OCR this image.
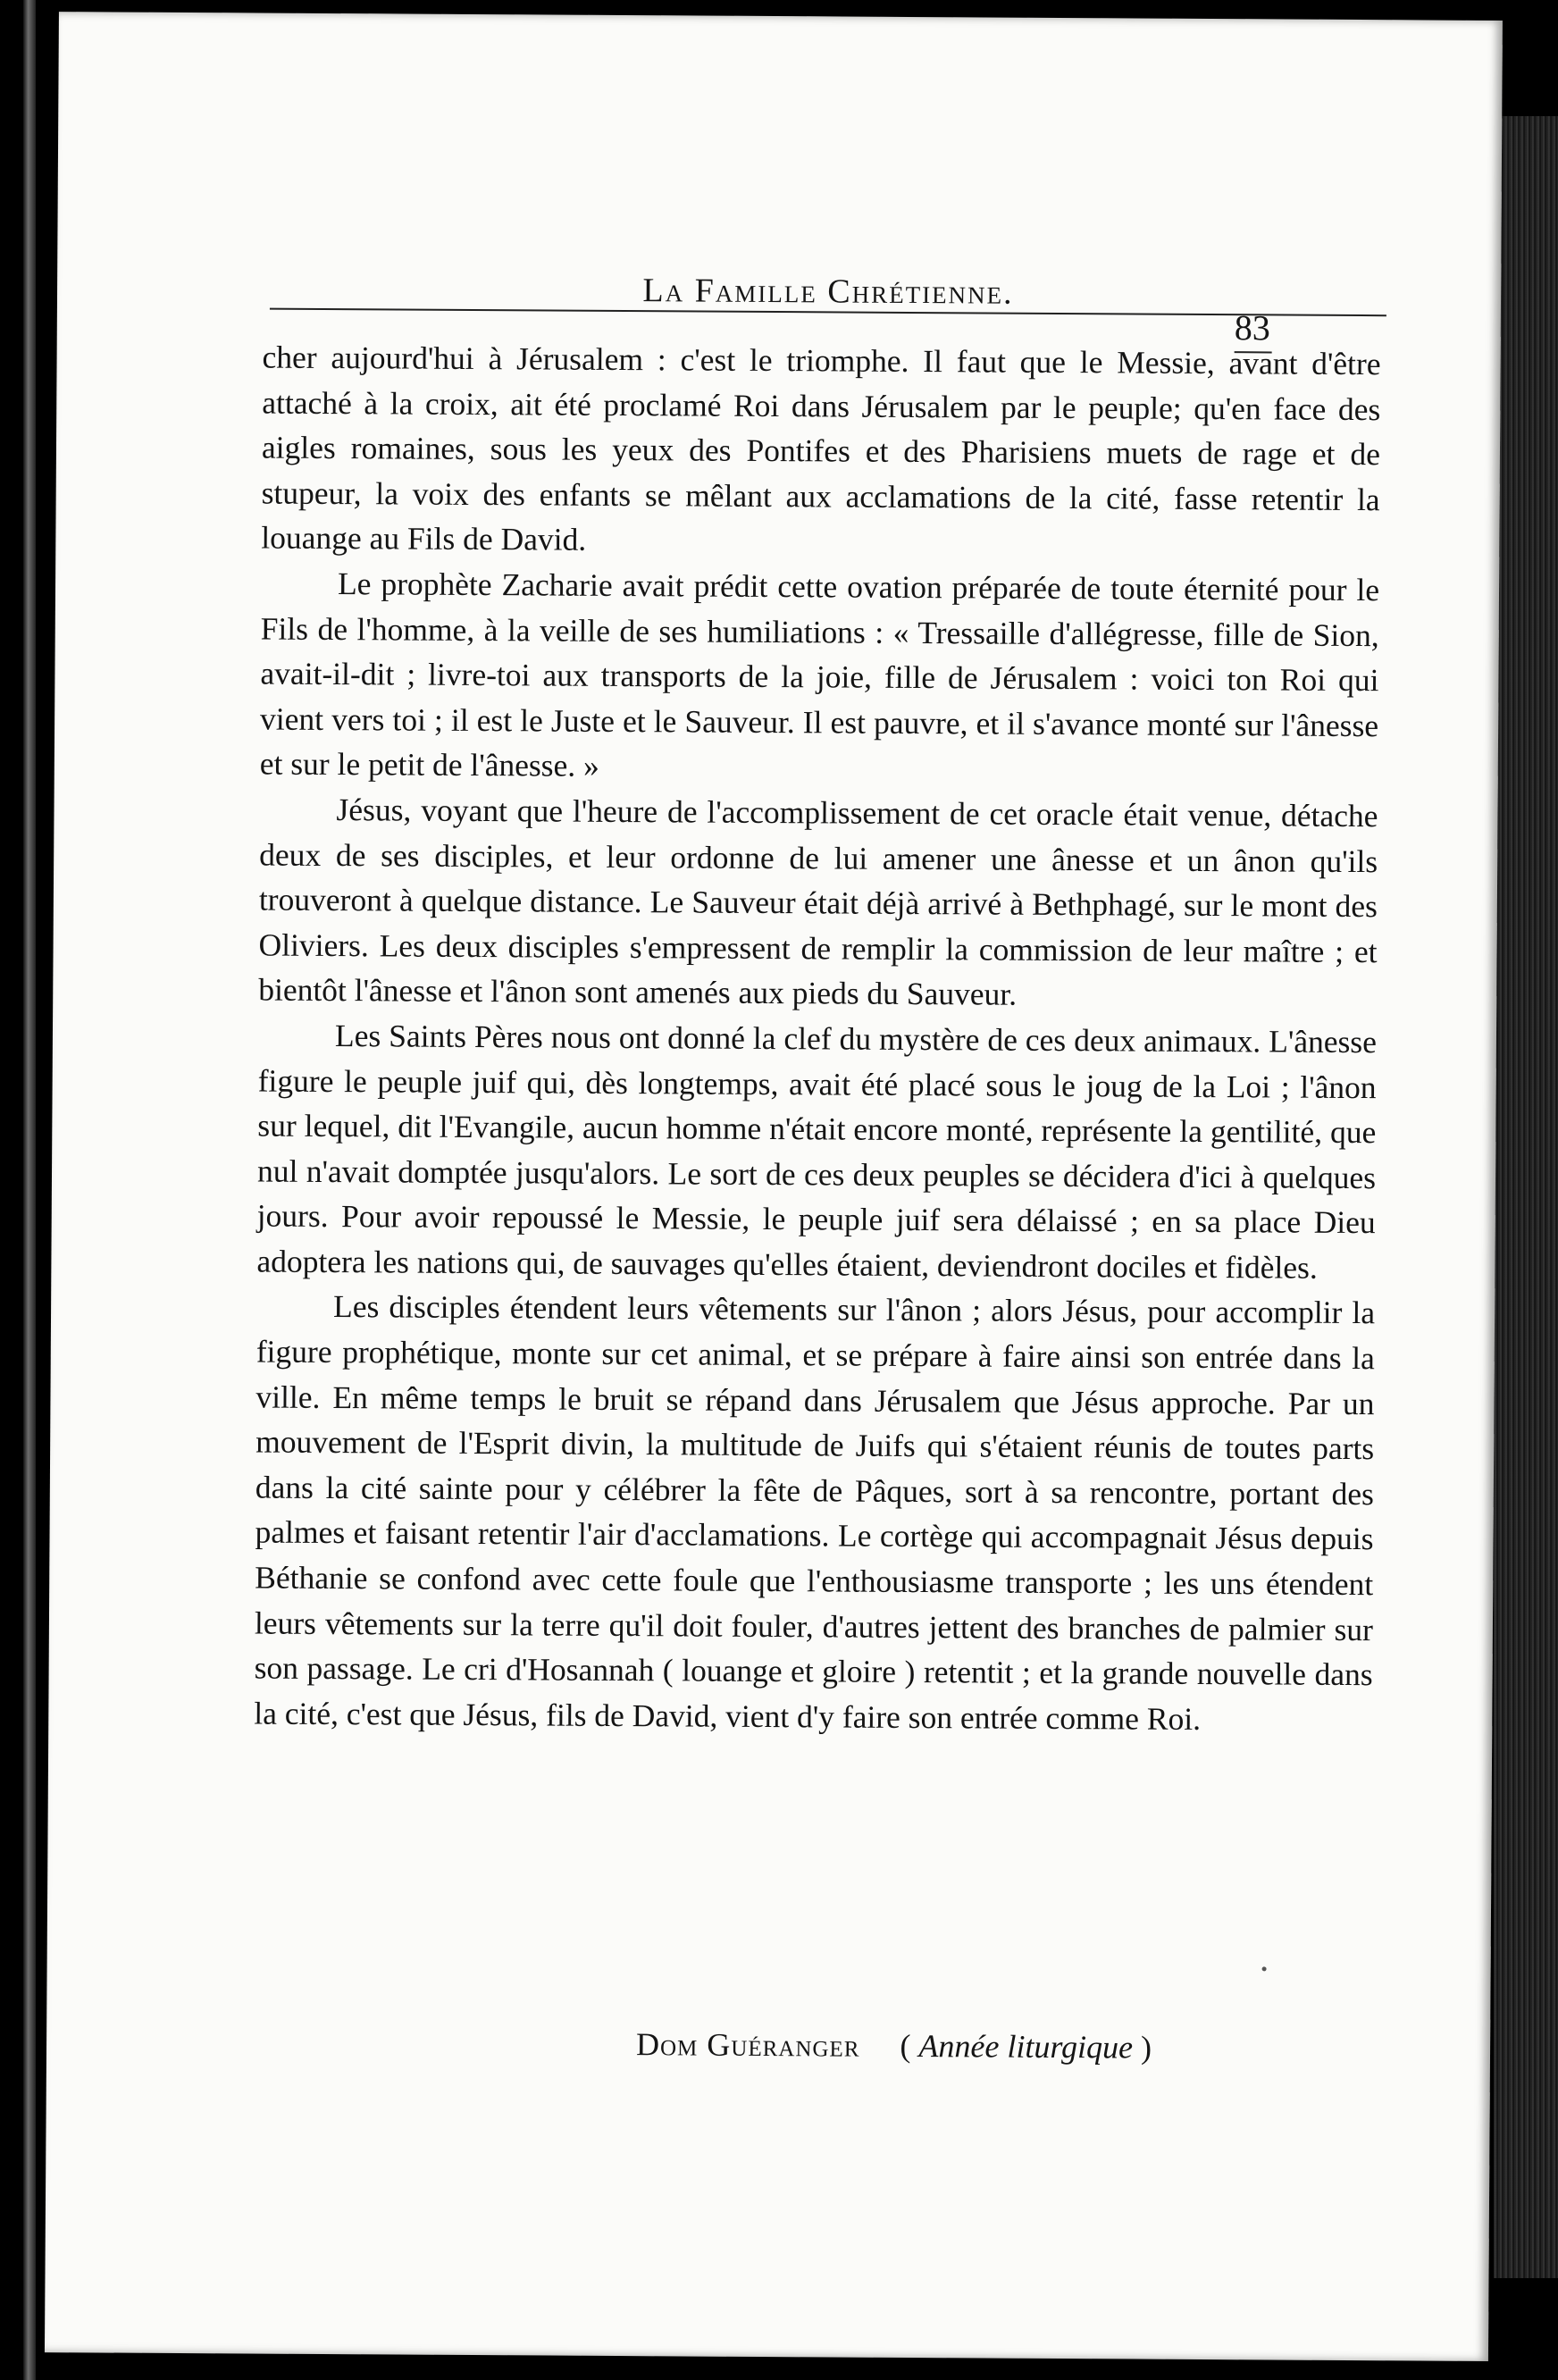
La Famille Chrétienne.
83

cher aujourd'hui à Jérusalem : c'est le triomphe. Il faut que le Messie, avant d'être attaché à la croix, ait été proclamé Roi dans Jérusalem par le peuple; qu'en face des aigles romaines, sous les yeux des Pontifes et des Pharisiens muets de rage et de stupeur, la voix des enfants se mêlant aux acclamations de la cité, fasse retentir la louange au Fils de David.

Le prophète Zacharie avait prédit cette ovation préparée de toute éternité pour le Fils de l'homme, à la veille de ses humiliations : « Tressaille d'allégresse, fille de Sion, avait-il-dit ; livre-toi aux transports de la joie, fille de Jérusalem : voici ton Roi qui vient vers toi ; il est le Juste et le Sauveur. Il est pauvre, et il s'avance monté sur l'ânesse et sur le petit de l'ânesse. »

Jésus, voyant que l'heure de l'accomplissement de cet oracle était venue, détache deux de ses disciples, et leur ordonne de lui amener une ânesse et un ânon qu'ils trouveront à quelque distance. Le Sauveur était déjà arrivé à Bethphagé, sur le mont des Oliviers. Les deux disciples s'empressent de remplir la commission de leur maître ; et bientôt l'ânesse et l'ânon sont amenés aux pieds du Sauveur.

Les Saints Pères nous ont donné la clef du mystère de ces deux animaux. L'ânesse figure le peuple juif qui, dès longtemps, avait été placé sous le joug de la Loi ; l'ânon sur lequel, dit l'Evangile, aucun homme n'était encore monté, représente la gentilité, que nul n'avait domptée jusqu'alors. Le sort de ces deux peuples se décidera d'ici à quelques jours. Pour avoir repoussé le Messie, le peuple juif sera délaissé ; en sa place Dieu adoptera les nations qui, de sauvages qu'elles étaient, deviendront dociles et fidèles.

Les disciples étendent leurs vêtements sur l'ânon ; alors Jésus, pour accomplir la figure prophétique, monte sur cet animal, et se prépare à faire ainsi son entrée dans la ville. En même temps le bruit se répand dans Jérusalem que Jésus approche. Par un mouvement de l'Esprit divin, la multitude de Juifs qui s'étaient réunis de toutes parts dans la cité sainte pour y célébrer la fête de Pâques, sort à sa rencontre, portant des palmes et faisant retentir l'air d'acclamations. Le cortège qui accompagnait Jésus depuis Béthanie se confond avec cette foule que l'enthousiasme transporte ; les uns étendent leurs vêtements sur la terre qu'il doit fouler, d'autres jettent des branches de palmier sur son passage. Le cri d'Hosannah ( louange et gloire ) retentit ; et la grande nouvelle dans la cité, c'est que Jésus, fils de David, vient d'y faire son entrée comme Roi.

Dom Guéranger ( Année liturgique )
